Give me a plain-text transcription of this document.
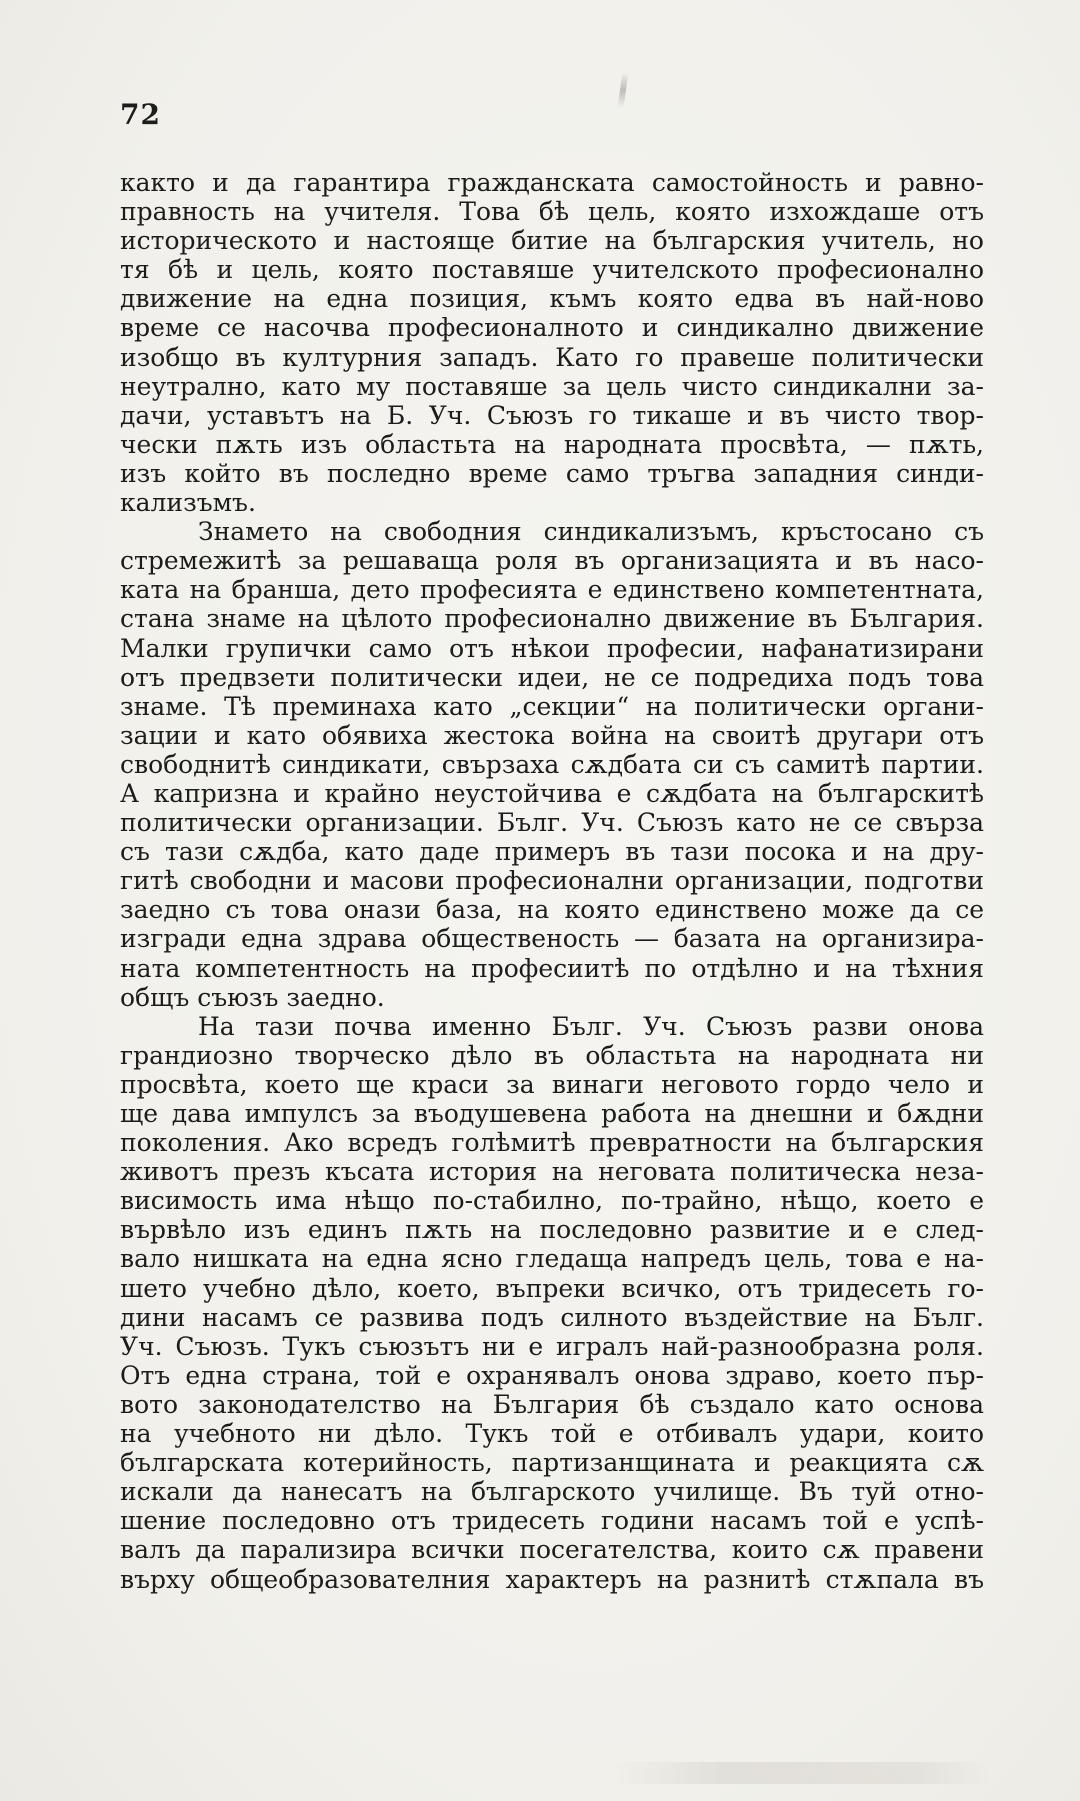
72
както и да гарантира гражданската самостойность и равно-
правность на учителя. Това бѣ цель, която изхождаше отъ
историческото и настояще битие на българския учитель, но
тя бѣ и цель, която поставяше учителското професионално
движение на една позиция, къмъ която едва въ най-ново
време се насочва професионалното и синдикално движение
изобщо въ културния западъ. Като го правеше политически
неутрално, като му поставяше за цель чисто синдикални за-
дачи, уставътъ на Б. Уч. Съюзъ го тикаше и въ чисто твор-
чески пѫть изъ областьта на народната просвѣта, — пѫть,
изъ който въ последно време само тръгва западния синди-
кализъмъ.
Знамето на свободния синдикализъмъ, кръстосано съ
стремежитѣ за решаваща роля въ организацията и въ насо-
ката на бранша, дето професията е единствено компетентната,
стана знаме на цѣлото професионално движение въ България.
Малки групички само отъ нѣкои професии, нафанатизирани
отъ предвзети политически идеи, не се подредиха подъ това
знаме. Тѣ преминаха като „секции“ на политически органи-
зации и като обявиха жестока война на своитѣ другари отъ
свободнитѣ синдикати, свързаха сѫдбата си съ самитѣ партии.
А капризна и крайно неустойчива е сѫдбата на българскитѣ
политически организации. Бълг. Уч. Съюзъ като не се свърза
съ тази сѫдба, като даде примеръ въ тази посока и на дру-
гитѣ свободни и масови професионални организации, подготви
заедно съ това онази база, на която единствено може да се
изгради една здрава общественость — базата на организира-
ната компетентность на професиитѣ по отдѣлно и на тѣхния
общъ съюзъ заедно.
На тази почва именно Бълг. Уч. Съюзъ разви онова
грандиозно творческо дѣло въ областьта на народната ни
просвѣта, което ще краси за винаги неговото гордо чело и
ще дава импулсъ за въодушевена работа на днешни и бѫдни
поколения. Ако всредъ голѣмитѣ превратности на българския
животъ презъ късата история на неговата политическа неза-
висимость има нѣщо по-стабилно, по-трайно, нѣщо, което е
вървѣло изъ единъ пѫть на последовно развитие и е след-
вало нишката на една ясно гледаща напредъ цель, това е на-
шето учебно дѣло, което, въпреки всичко, отъ тридесеть го-
дини насамъ се развива подъ силното въздействие на Бълг.
Уч. Съюзъ. Тукъ съюзътъ ни е игралъ най-разнообразна роля.
Отъ една страна, той е охранявалъ онова здраво, което пър-
вото законодателство на България бѣ създало като основа
на учебното ни дѣло. Тукъ той е отбивалъ удари, които
българската котерийность, партизанщината и реакцията сѫ
искали да нанесатъ на българското училище. Въ туй отно-
шение последовно отъ тридесеть години насамъ той е успѣ-
валъ да парализира всички посегателства, които сѫ правени
върху общеобразователния характеръ на разнитѣ стѫпала въ
